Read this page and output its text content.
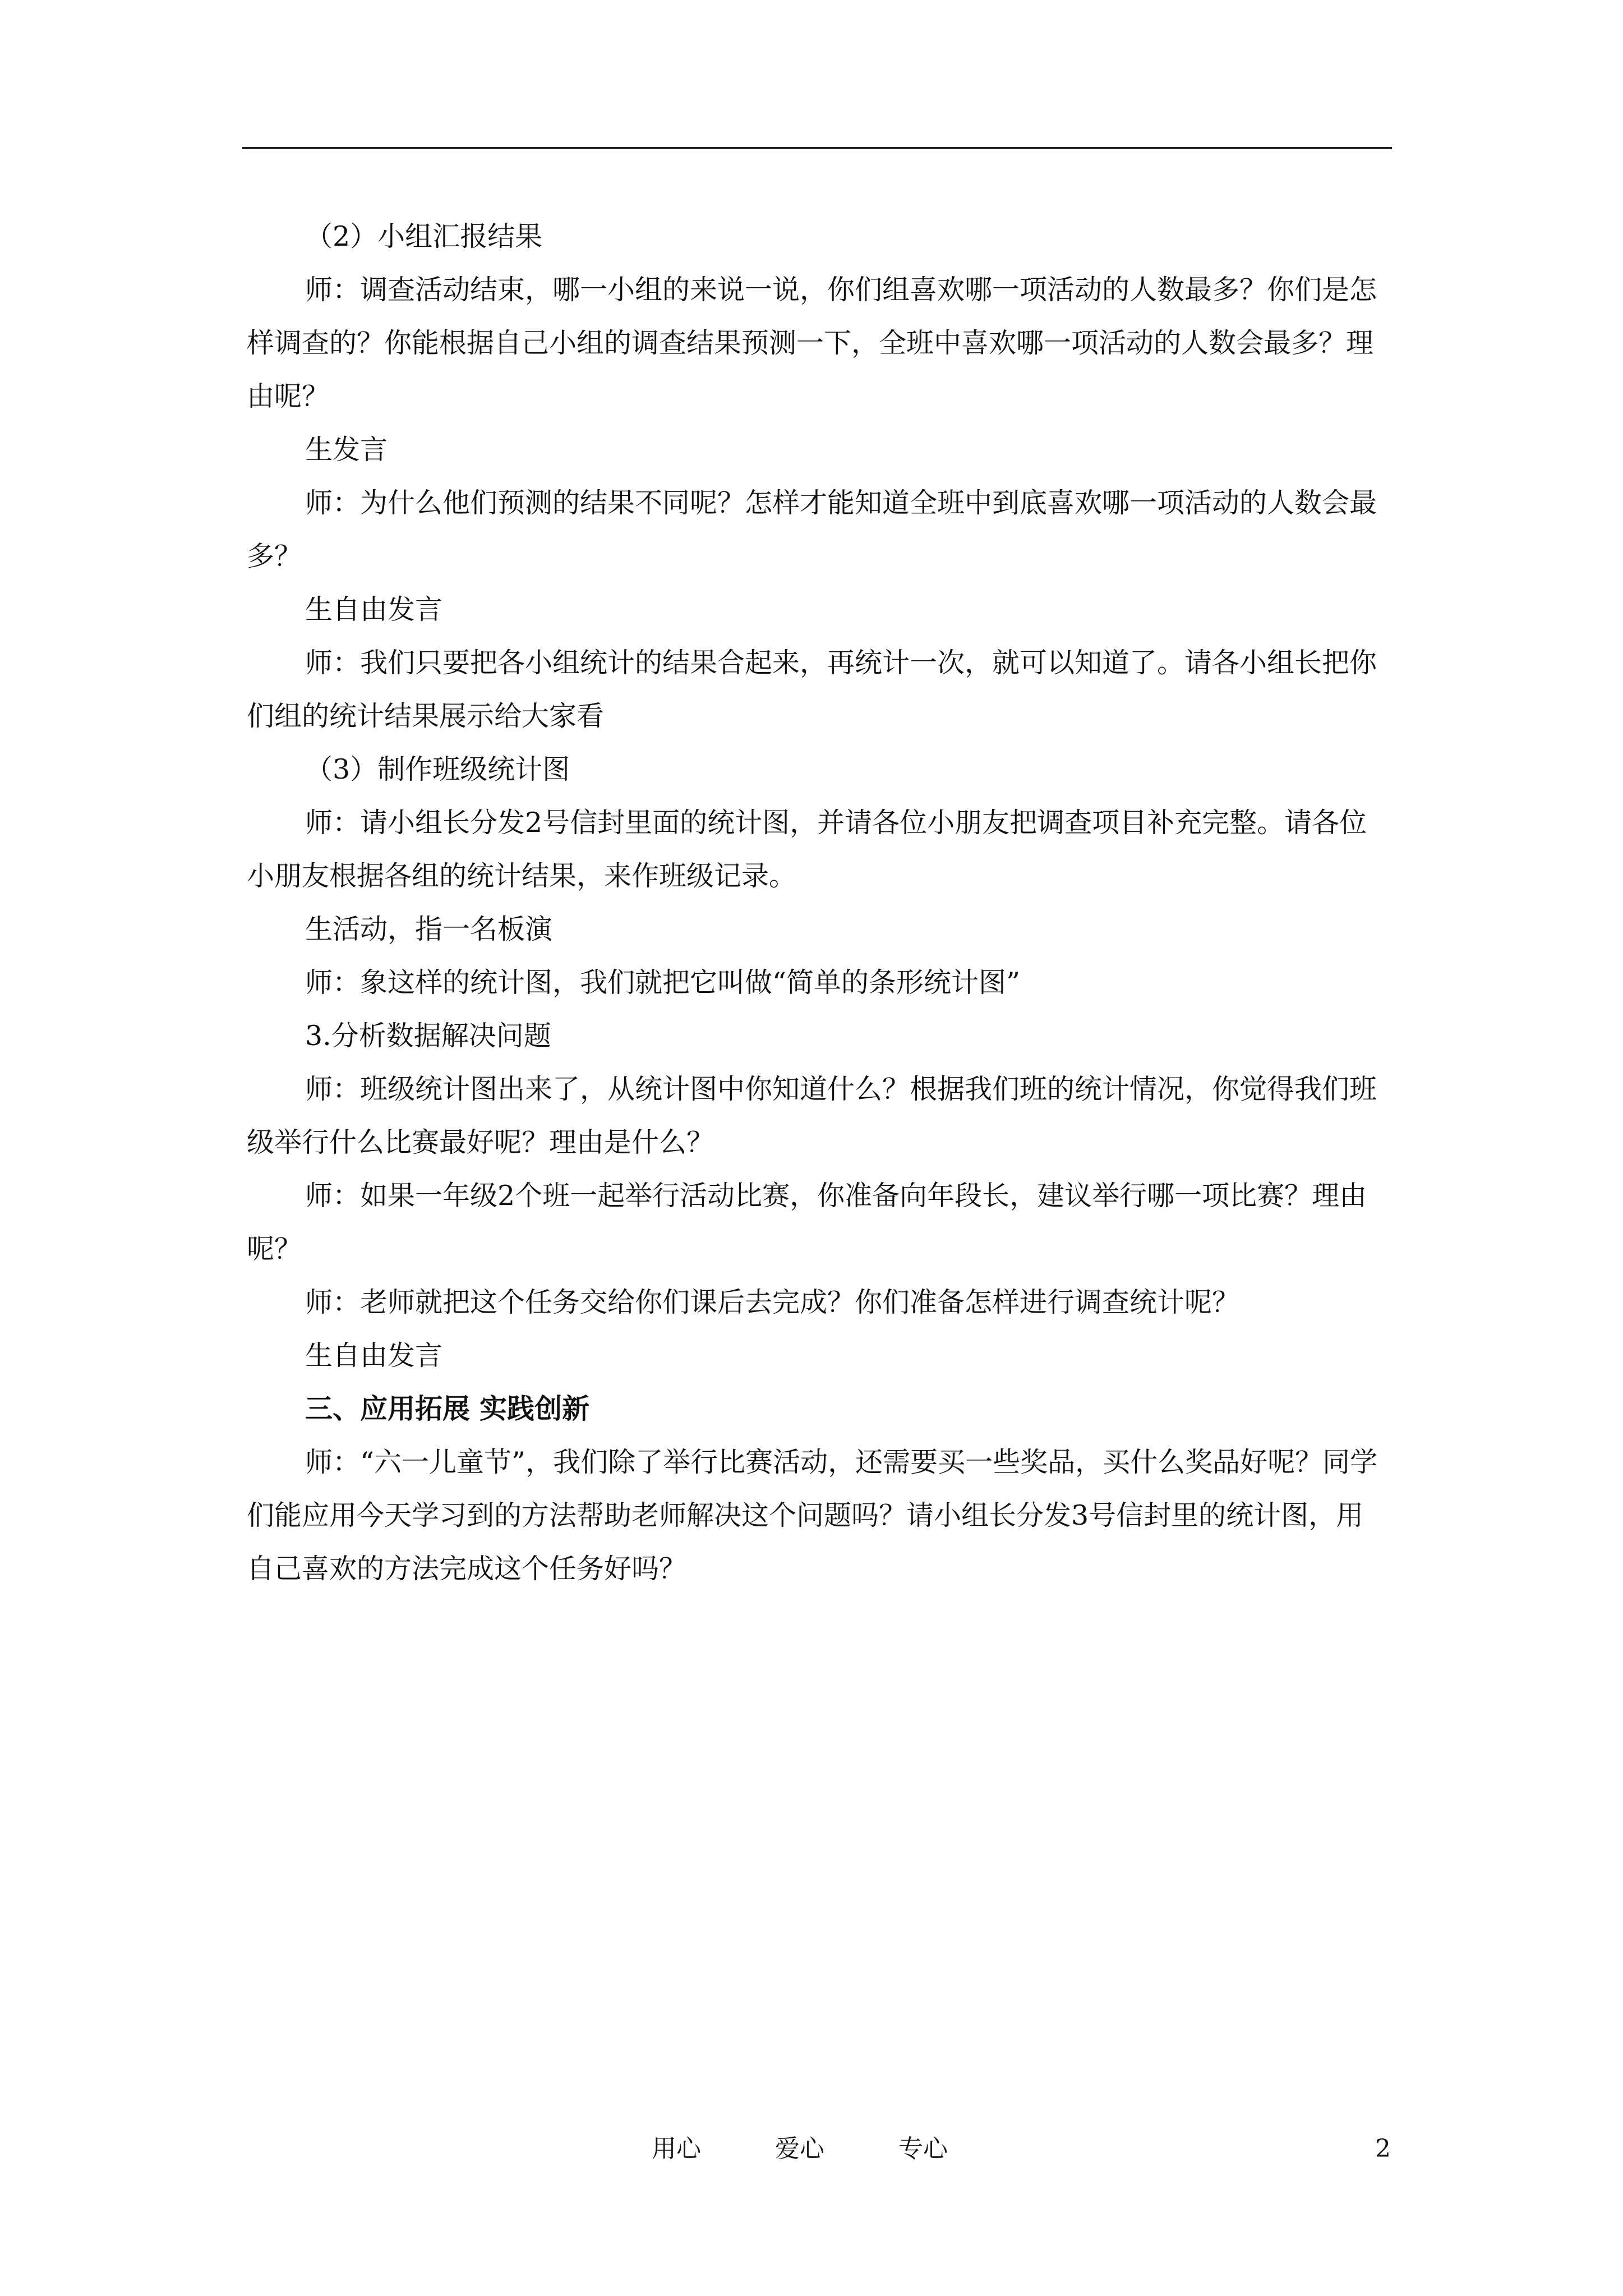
（2）小组汇报结果

师：调查活动结束，哪一小组的来说一说，你们组喜欢哪一项活动的人数最多？你们是怎样调查的？你能根据自己小组的调查结果预测一下，全班中喜欢哪一项活动的人数会最多？理由呢？

生发言

师：为什么他们预测的结果不同呢？怎样才能知道全班中到底喜欢哪一项活动的人数会最多？

生自由发言

师：我们只要把各小组统计的结果合起来，再统计一次，就可以知道了。请各小组长把你们组的统计结果展示给大家看

（3）制作班级统计图

师：请小组长分发2号信封里面的统计图，并请各位小朋友把调查项目补充完整。请各位小朋友根据各组的统计结果，来作班级记录。

生活动，指一名板演

师：象这样的统计图，我们就把它叫做“简单的条形统计图”

3.分析数据解决问题

师：班级统计图出来了，从统计图中你知道什么？根据我们班的统计情况，你觉得我们班级举行什么比赛最好呢？理由是什么？

师：如果一年级2个班一起举行活动比赛，你准备向年段长，建议举行哪一项比赛？理由呢？

师：老师就把这个任务交给你们课后去完成？你们准备怎样进行调查统计呢？

生自由发言

三、应用拓展 实践创新

师：“六一儿童节”，我们除了举行比赛活动，还需要买一些奖品，买什么奖品好呢？同学们能应用今天学习到的方法帮助老师解决这个问题吗？请小组长分发3号信封里的统计图，用自己喜欢的方法完成这个任务好吗？

用心	爱心	专心	2
